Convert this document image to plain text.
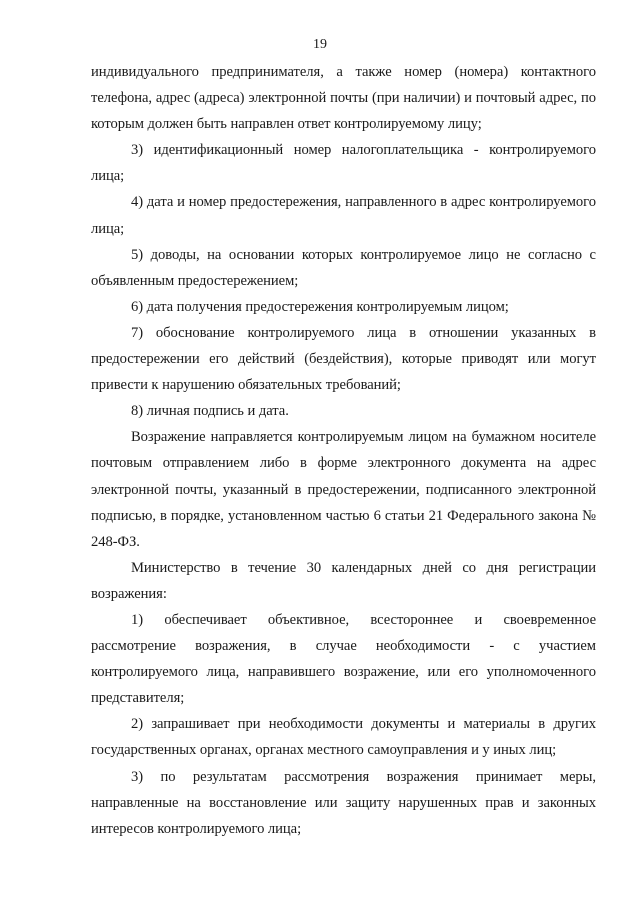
19

индивидуального предпринимателя, а также номер (номера) контактного телефона, адрес (адреса) электронной почты (при наличии) и почтовый адрес, по которым должен быть направлен ответ контролируемому лицу;

3) идентификационный номер налогоплательщика - контролируемого лица;

4) дата и номер предостережения, направленного в адрес контролируемого лица;

5) доводы, на основании которых контролируемое лицо не согласно с объявленным предостережением;

6) дата получения предостережения контролируемым лицом;

7) обоснование контролируемого лица в отношении указанных в предостережении его действий (бездействия), которые приводят или могут привести к нарушению обязательных требований;

8) личная подпись и дата.

Возражение направляется контролируемым лицом на бумажном носителе почтовым отправлением либо в форме электронного документа на адрес электронной почты, указанный в предостережении, подписанного электронной подписью, в порядке, установленном частью 6 статьи 21 Федерального закона № 248-ФЗ.

Министерство в течение 30 календарных дней со дня регистрации возражения:

1) обеспечивает объективное, всестороннее и своевременное рассмотрение возражения, в случае необходимости - с участием контролируемого лица, направившего возражение, или его уполномоченного представителя;

2) запрашивает при необходимости документы и материалы в других государственных органах, органах местного самоуправления и у иных лиц;

3) по результатам рассмотрения возражения принимает меры, направленные на восстановление или защиту нарушенных прав и законных интересов контролируемого лица;
